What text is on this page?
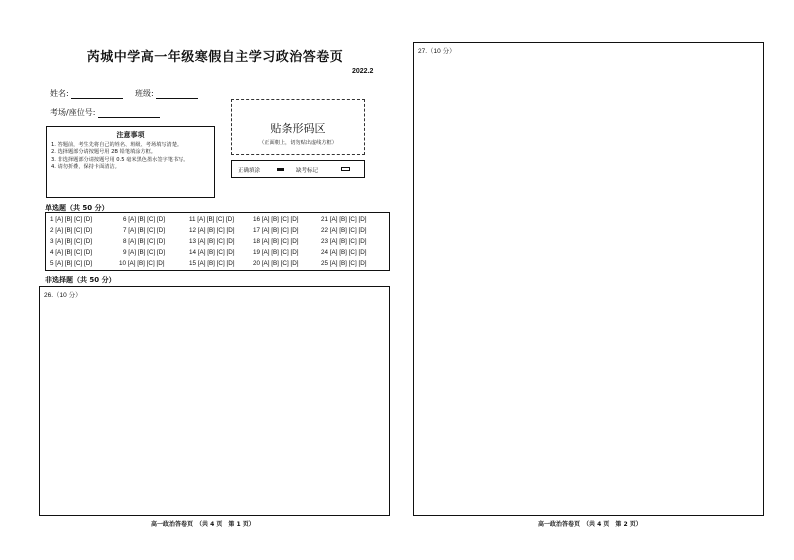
芮城中学高一年级寒假自主学习政治答卷页
2022.2
姓名:	班级:
考场/座位号:
注意事项
1. 答题前，考生先将自己的姓名、班级、考场填写清楚。
2. 选择题部分请按题号用 2B 铅笔填涂方框。
3. 非选择题部分请按题号用 0.5 毫米黑色墨水签字笔书写。
4. 请勿折叠，保持卡面清洁。
贴条形码区
（正面朝上，切勿贴出虚线方框）
正确填涂	缺考标记
单选题（共 50 分）
1 [A] [B] [C] [D]
2 [A] [B] [C] [D]
3 [A] [B] [C] [D]
4 [A] [B] [C] [D]
5 [A] [B] [C] [D]
6 [A] [B] [C] [D]
7 [A] [B] [C] [D]
8 [A] [B] [C] [D]
9 [A] [B] [C] [D]
10 [A] [B] [C] [D]
11 [A] [B] [C] [D]
12 [A] [B] [C] [D]
13 [A] [B] [C] [D]
14 [A] [B] [C] [D]
15 [A] [B] [C] [D]
16 [A] [B] [C] [D]
17 [A] [B] [C] [D]
18 [A] [B] [C] [D]
19 [A] [B] [C] [D]
20 [A] [B] [C] [D]
21 [A] [B] [C] [D]
22 [A] [B] [C] [D]
23 [A] [B] [C] [D]
24 [A] [B] [C] [D]
25 [A] [B] [C] [D]
非选择题（共 50 分）
26.（10 分）
高一政治答卷页　（共 4 页　第 1 页）
27.（10 分）
高一政治答卷页　（共 4 页　第 2 页）
